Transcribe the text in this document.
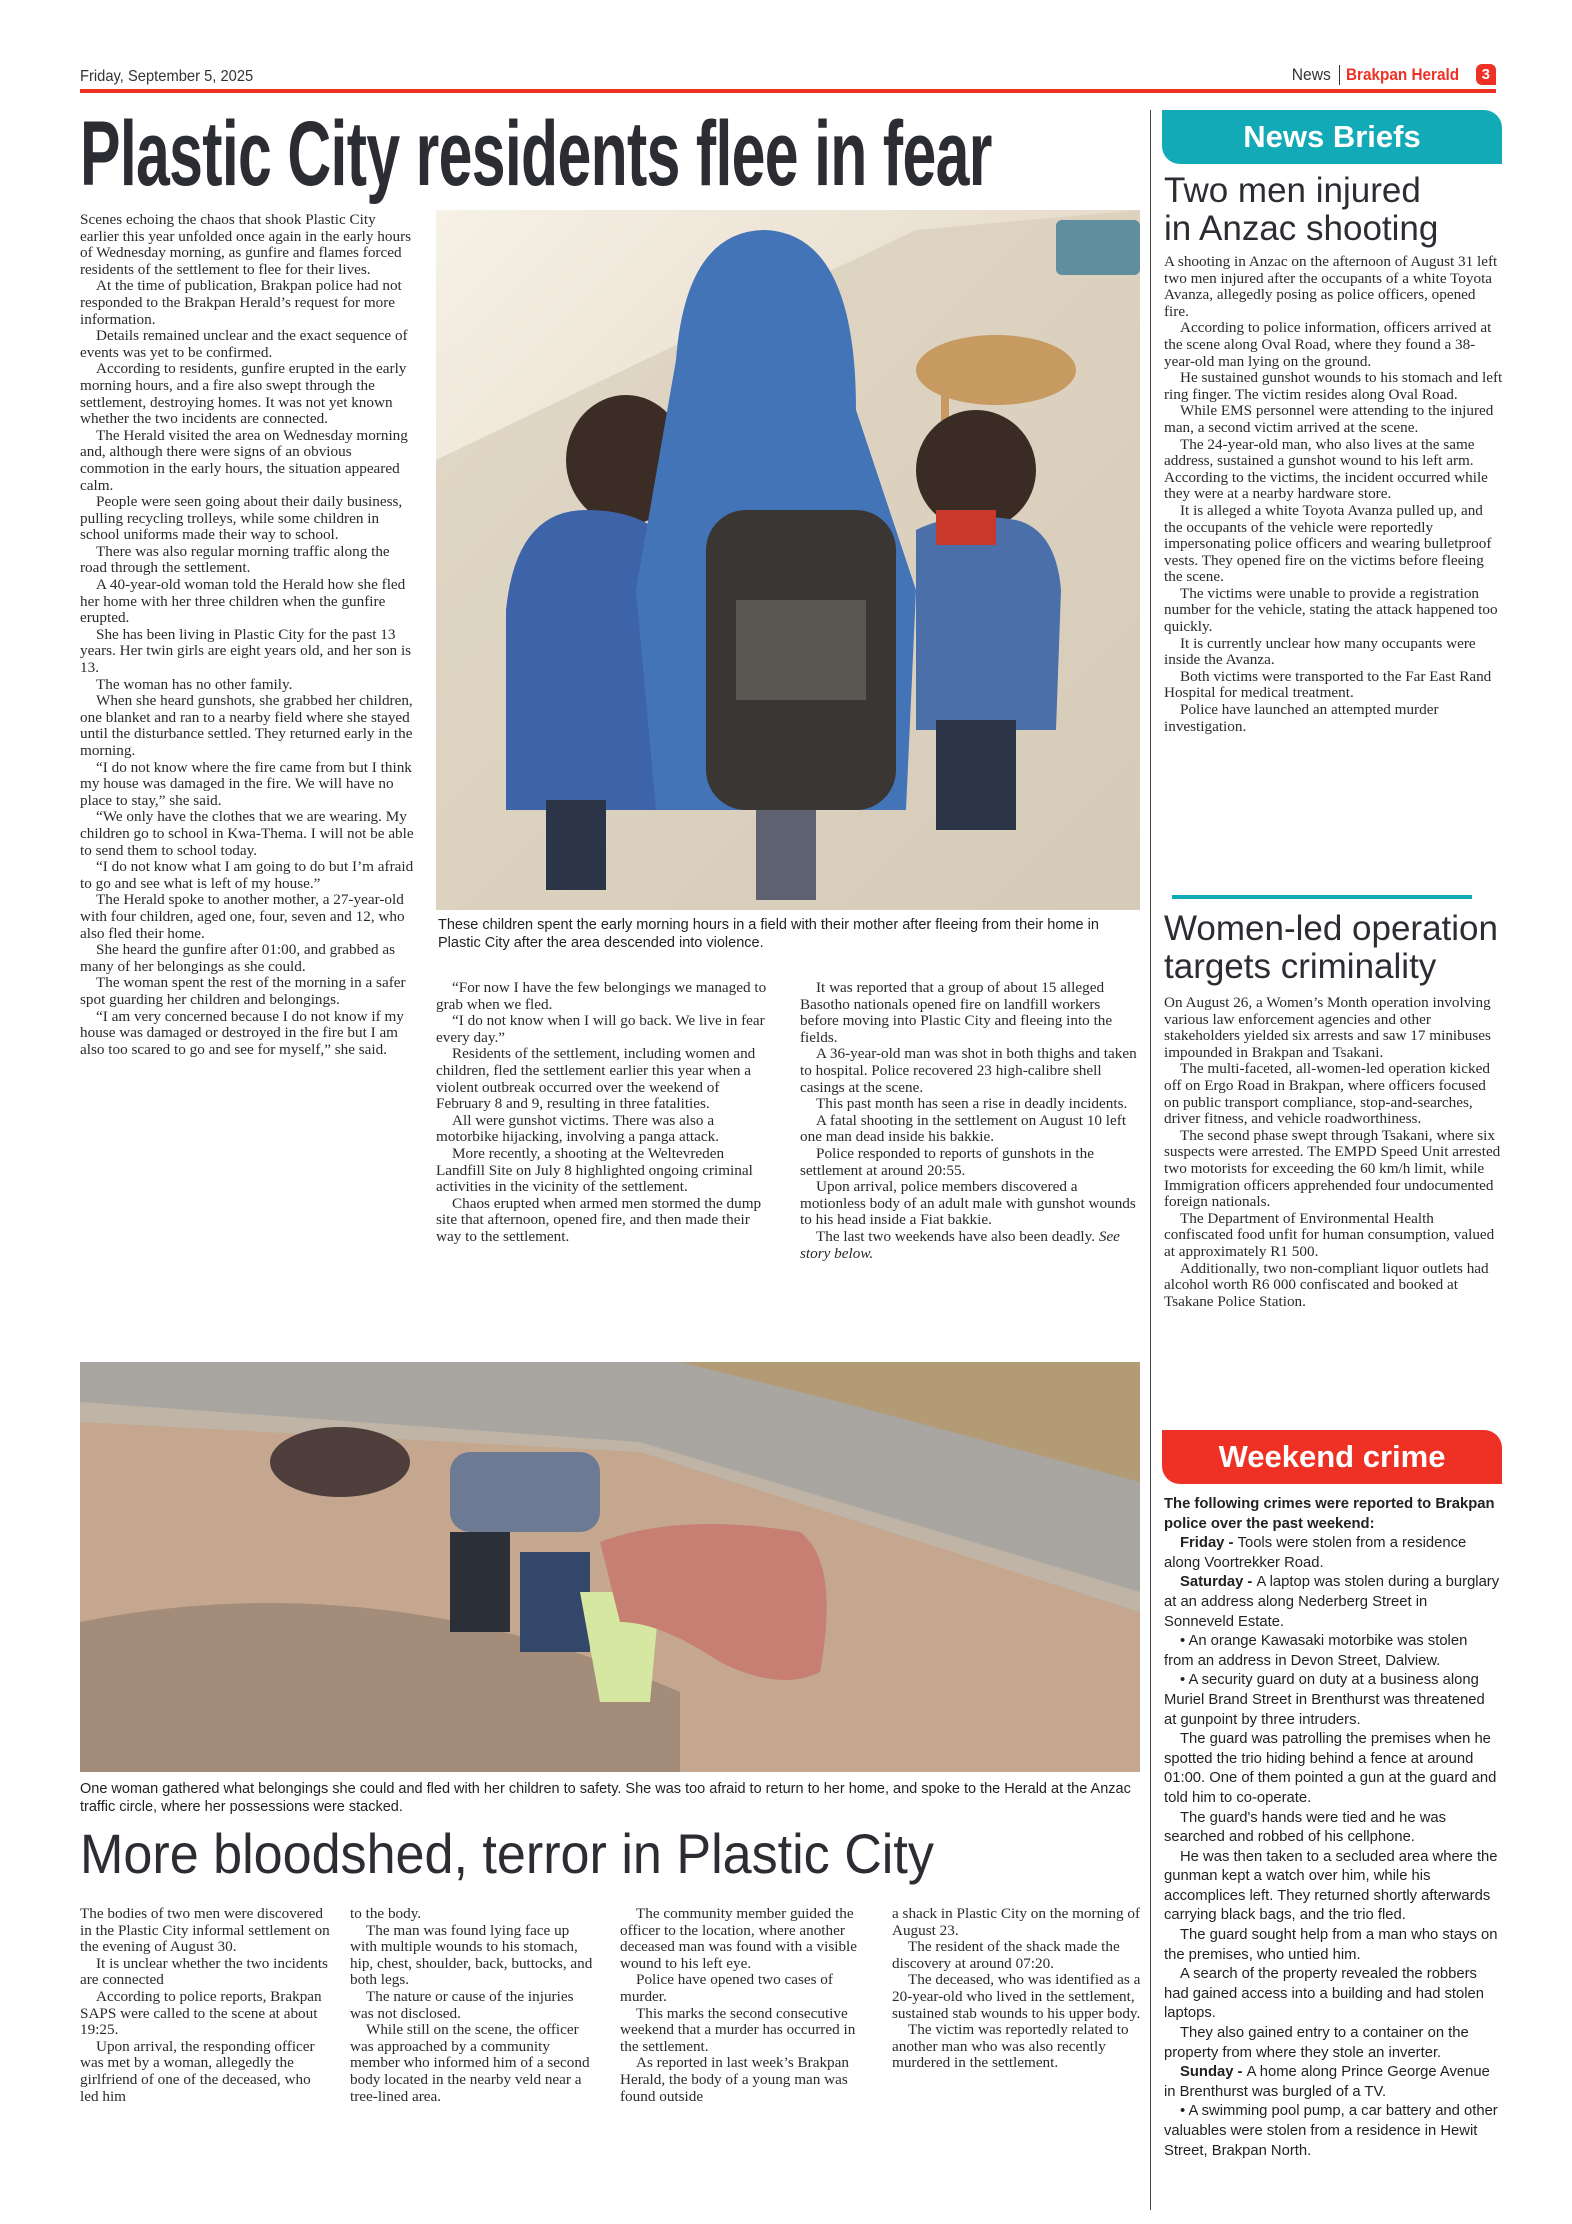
Friday, September 5, 2025	News Brakpan Herald	3
Plastic City residents flee in fear

Scenes echoing the chaos that shook Plastic City earlier this year unfolded once again in the early hours of Wednesday morning, as gunfire and flames forced residents of the settlement to flee for their lives.

At the time of publication, Brakpan police had not responded to the Brakpan Herald’s request for more information.

Details remained unclear and the exact sequence of events was yet to be confirmed.

According to residents, gunfire erupted in the early morning hours, and a fire also swept through the settlement, destroying homes. It was not yet known whether the two incidents are connected.

The Herald visited the area on Wednesday morning and, although there were signs of an obvious commotion in the early hours, the situation appeared calm.

People were seen going about their daily business, pulling recycling trolleys, while some children in school uniforms made their way to school.

There was also regular morning traffic along the road through the settlement.

A 40-year-old woman told the Herald how she fled her home with her three children when the gunfire erupted.

She has been living in Plastic City for the past 13 years. Her twin girls are eight years old, and her son is 13.

The woman has no other family.

When she heard gunshots, she grabbed her children, one blanket and ran to a nearby field where she stayed until the disturbance settled. They returned early in the morning.

“I do not know where the fire came from but I think my house was damaged in the fire. We will have no place to stay,” she said.

“We only have the clothes that we are wearing. My children go to school in Kwa-Thema. I will not be able to send them to school today.

“I do not know what I am going to do but I’m afraid to go and see what is left of my house.”

The Herald spoke to another mother, a 27-year-old with four children, aged one, four, seven and 12, who also fled their home.

She heard the gunfire after 01:00, and grabbed as many of her belongings as she could.

The woman spent the rest of the morning in a safer spot guarding her children and belongings.

“I am very concerned because I do not know if my house was damaged or destroyed in the fire but I am also too scared to go and see for myself,” she said.

These children spent the early morning hours in a field with their mother after fleeing from their home in Plastic City after the area descended into violence.

“For now I have the few belongings we managed to grab when we fled.

“I do not know when I will go back. We live in fear every day.”

Residents of the settlement, including women and children, fled the settlement earlier this year when a violent outbreak occurred over the weekend of February 8 and 9, resulting in three fatalities.

All were gunshot victims. There was also a motorbike hijacking, involving a panga attack.

More recently, a shooting at the Weltevreden Landfill Site on July 8 highlighted ongoing criminal activities in the vicinity of the settlement.

Chaos erupted when armed men stormed the dump site that afternoon, opened fire, and then made their way to the settlement.

It was reported that a group of about 15 alleged Basotho nationals opened fire on landfill workers before moving into Plastic City and fleeing into the fields.

A 36-year-old man was shot in both thighs and taken to hospital. Police recovered 23 high-calibre shell casings at the scene.

This past month has seen a rise in deadly incidents.

A fatal shooting in the settlement on August 10 left one man dead inside his bakkie.

Police responded to reports of gunshots in the settlement at around 20:55.

Upon arrival, police members discovered a motionless body of an adult male with gunshot wounds to his head inside a Fiat bakkie.

The last two weekends have also been deadly. See story below.

One woman gathered what belongings she could and fled with her children to safety. She was too afraid to return to her home, and spoke to the Herald at the Anzac traffic circle, where her possessions were stacked.
More bloodshed, terror in Plastic City

The bodies of two men were discovered in the Plastic City informal settlement on the evening of August 30.

It is unclear whether the two incidents are connected

According to police reports, Brakpan SAPS were called to the scene at about 19:25.

Upon arrival, the responding officer was met by a woman, allegedly the girlfriend of one of the deceased, who led him

to the body.

The man was found lying face up with multiple wounds to his stomach, hip, chest, shoulder, back, buttocks, and both legs.

The nature or cause of the injuries was not disclosed.

While still on the scene, the officer was approached by a community member who informed him of a second body located in the nearby veld near a tree-lined area.

The community member guided the officer to the location, where another deceased man was found with a visible wound to his left eye.

Police have opened two cases of murder.

This marks the second consecutive weekend that a murder has occurred in the settlement.

As reported in last week’s Brakpan Herald, the body of a young man was found outside

a shack in Plastic City on the morning of August 23.

The resident of the shack made the discovery at around 07:20.

The deceased, who was identified as a 20-year-old who lived in the settlement, sustained stab wounds to his upper body.

The victim was reportedly related to another man who was also recently murdered in the settlement.

News Briefs
Two men injured
in Anzac shooting

A shooting in Anzac on the afternoon of August 31 left two men injured after the occupants of a white Toyota Avanza, allegedly posing as police officers, opened fire.

According to police information, officers arrived at the scene along Oval Road, where they found a 38-year-old man lying on the ground.

He sustained gunshot wounds to his stomach and left ring finger. The victim resides along Oval Road.

While EMS personnel were attending to the injured man, a second victim arrived at the scene.

The 24-year-old man, who also lives at the same address, sustained a gunshot wound to his left arm. According to the victims, the incident occurred while they were at a nearby hardware store.

It is alleged a white Toyota Avanza pulled up, and the occupants of the vehicle were reportedly impersonating police officers and wearing bulletproof vests. They opened fire on the victims before fleeing the scene.

The victims were unable to provide a registration number for the vehicle, stating the attack happened too quickly.

It is currently unclear how many occupants were inside the Avanza.

Both victims were transported to the Far East Rand Hospital for medical treatment.

Police have launched an attempted murder investigation.

Women-led operation
targets criminality

On August 26, a Women’s Month operation involving various law enforcement agencies and other stakeholders yielded six arrests and saw 17 minibuses impounded in Brakpan and Tsakani.

The multi-faceted, all-women-led operation kicked off on Ergo Road in Brakpan, where officers focused on public transport compliance, stop-and-searches, driver fitness, and vehicle roadworthiness.

The second phase swept through Tsakani, where six suspects were arrested. The EMPD Speed Unit arrested two motorists for exceeding the 60 km/h limit, while Immigration officers apprehended four undocumented foreign nationals.

The Department of Environmental Health confiscated food unfit for human consumption, valued at approximately R1 500.

Additionally, two non-compliant liquor outlets had alcohol worth R6 000 confiscated and booked at Tsakane Police Station.

Weekend crime

The following crimes were reported to Brakpan police over the past weekend:

Friday - Tools were stolen from a residence along Voortrekker Road.

Saturday - A laptop was stolen during a burglary at an address along Nederberg Street in Sonneveld Estate.

• An orange Kawasaki motorbike was stolen from an address in Devon Street, Dalview.

• A security guard on duty at a business along Muriel Brand Street in Brenthurst was threatened at gunpoint by three intruders.

The guard was patrolling the premises when he spotted the trio hiding behind a fence at around 01:00. One of them pointed a gun at the guard and told him to co-operate.

The guard's hands were tied and he was searched and robbed of his cellphone.

He was then taken to a secluded area where the gunman kept a watch over him, while his accomplices left. They returned shortly afterwards carrying black bags, and the trio fled.

The guard sought help from a man who stays on the premises, who untied him.

A search of the property revealed the robbers had gained access into a building and had stolen laptops.

They also gained entry to a container on the property from where they stole an inverter.

Sunday - A home along Prince George Avenue in Brenthurst was burgled of a TV.

• A swimming pool pump, a car battery and other valuables were stolen from a residence in Hewit Street, Brakpan North.
